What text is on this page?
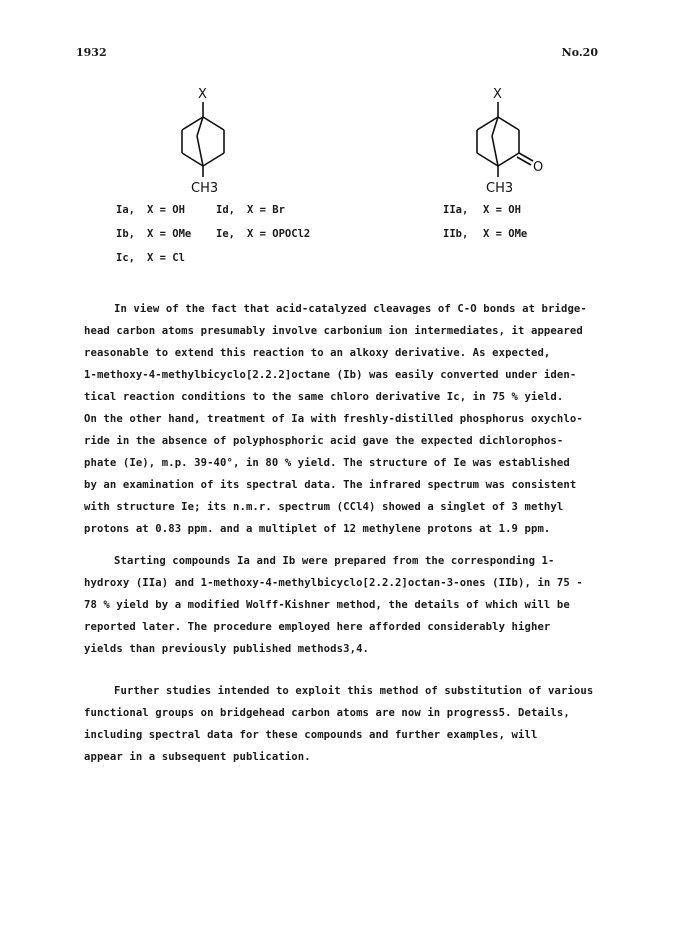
1932	No.20
X
CH3
X
O
CH3
Ia, X = OH	Id, X = Br
Ib, X = OMe Ie, X = OPOCl2
Ic, X = Cl
IIa, X = OH
IIb, X = OMe

In view of the fact that acid-catalyzed cleavages of C-O bonds at bridge-

head carbon atoms presumably involve carbonium ion intermediates, it appeared

reasonable to extend this reaction to an alkoxy derivative. As expected,

1-methoxy-4-methylbicyclo[2.2.2]octane (Ib) was easily converted under iden-

tical reaction conditions to the same chloro derivative Ic, in 75 % yield.

On the other hand, treatment of Ia with freshly-distilled phosphorus oxychlo-

ride in the absence of polyphosphoric acid gave the expected dichlorophos-

phate (Ie), m.p. 39-40°, in 80 % yield. The structure of Ie was established

by an examination of its spectral data. The infrared spectrum was consistent

with structure Ie; its n.m.r. spectrum (CCl4) showed a singlet of 3 methyl

protons at 0.83 ppm. and a multiplet of 12 methylene protons at 1.9 ppm.

Starting compounds Ia and Ib were prepared from the corresponding 1-

hydroxy (IIa) and 1-methoxy-4-methylbicyclo[2.2.2]octan-3-ones (IIb), in 75 -

78 % yield by a modified Wolff-Kishner method, the details of which will be

reported later. The procedure employed here afforded considerably higher

yields than previously published methods3,4.

Further studies intended to exploit this method of substitution of various

functional groups on bridgehead carbon atoms are now in progress5. Details,

including spectral data for these compounds and further examples, will

appear in a subsequent publication.
